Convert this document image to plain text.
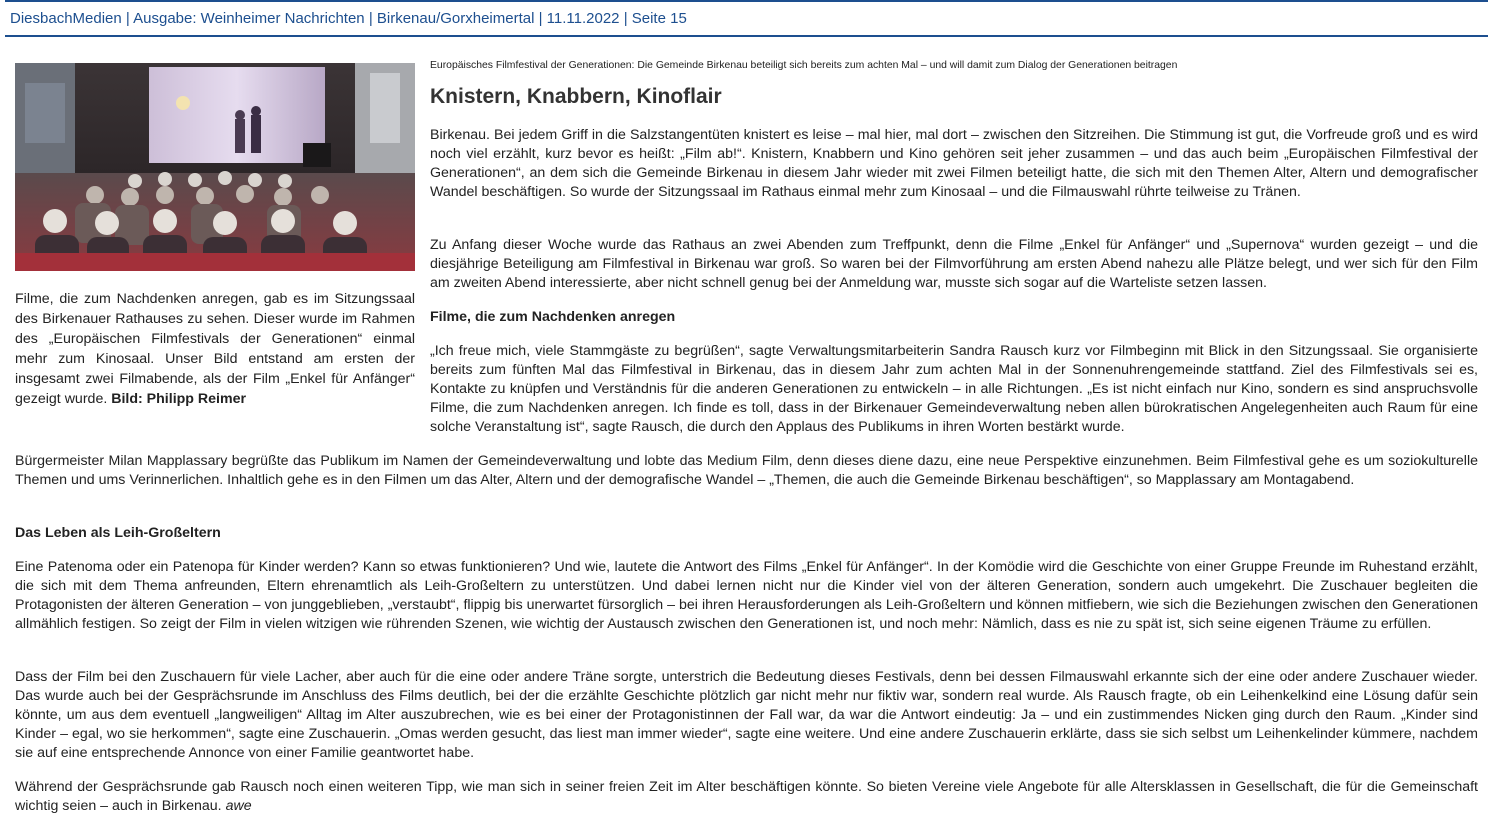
DiesbachMedien | Ausgabe: Weinheimer Nachrichten | Birkenau/Gorxheimertal | 11.11.2022 | Seite 15
Filme, die zum Nachdenken anregen, gab es im Sitzungssaal des Birkenauer Rathauses zu sehen. Dieser wurde im Rahmen des „Europäischen Filmfestivals der Generationen“ einmal mehr zum Kinosaal. Unser Bild entstand am ersten der insgesamt zwei Filmabende, als der Film „Enkel für Anfänger“ gezeigt wurde. Bild: Philipp Reimer
Europäisches Filmfestival der Generationen: Die Gemeinde Birkenau beteiligt sich bereits zum achten Mal – und will damit zum Dialog der Generationen beitragen
Knistern, Knabbern, Kinoflair

Birkenau. Bei jedem Griff in die Salzstangentüten knistert es leise – mal hier, mal dort – zwischen den Sitzreihen. Die Stimmung ist gut, die Vorfreude groß und es wird noch viel erzählt, kurz bevor es heißt: „Film ab!“. Knistern, Knabbern und Kino gehören seit jeher zusammen – und das auch beim „Europäischen Filmfestival der Generationen“, an dem sich die Gemeinde Birkenau in diesem Jahr wieder mit zwei Filmen beteiligt hatte, die sich mit den Themen Alter, Altern und demografischer Wandel beschäftigen. So wurde der Sitzungssaal im Rathaus einmal mehr zum Kinosaal – und die Filmauswahl rührte teilweise zu Tränen.

Zu Anfang dieser Woche wurde das Rathaus an zwei Abenden zum Treffpunkt, denn die Filme „Enkel für Anfänger“ und „Supernova“ wurden gezeigt – und die diesjährige Beteiligung am Filmfestival in Birkenau war groß. So waren bei der Filmvorführung am ersten Abend nahezu alle Plätze belegt, und wer sich für den Film am zweiten Abend interessierte, aber nicht schnell genug bei der Anmeldung war, musste sich sogar auf die Warteliste setzen lassen.

Filme, die zum Nachdenken anregen

„Ich freue mich, viele Stammgäste zu begrüßen“, sagte Verwaltungsmitarbeiterin Sandra Rausch kurz vor Filmbeginn mit Blick in den Sitzungssaal. Sie organisierte bereits zum fünften Mal das Filmfestival in Birkenau, das in diesem Jahr zum achten Mal in der Sonnenuhrengemeinde stattfand. Ziel des Filmfestivals sei es, Kontakte zu knüpfen und Verständnis für die anderen Generationen zu entwickeln – in alle Richtungen. „Es ist nicht einfach nur Kino, sondern es sind anspruchsvolle Filme, die zum Nachdenken anregen. Ich finde es toll, dass in der Birkenauer Gemeindeverwaltung neben allen bürokratischen Angelegenheiten auch Raum für eine solche Veranstaltung ist“, sagte Rausch, die durch den Applaus des Publikums in ihren Worten bestärkt wurde.

Bürgermeister Milan Mapplassary begrüßte das Publikum im Namen der Gemeindeverwaltung und lobte das Medium Film, denn dieses diene dazu, eine neue Perspektive einzunehmen. Beim Filmfestival gehe es um soziokulturelle Themen und ums Verinnerlichen. Inhaltlich gehe es in den Filmen um das Alter, Altern und der demografische Wandel – „Themen, die auch die Gemeinde Birkenau beschäftigen“, so Mapplassary am Montagabend.

Das Leben als Leih-Großeltern

Eine Patenoma oder ein Patenopa für Kinder werden? Kann so etwas funktionieren? Und wie, lautete die Antwort des Films „Enkel für Anfänger“. In der Komödie wird die Geschichte von einer Gruppe Freunde im Ruhestand erzählt, die sich mit dem Thema anfreunden, Eltern ehrenamtlich als Leih-Großeltern zu unterstützen. Und dabei lernen nicht nur die Kinder viel von der älteren Generation, sondern auch umgekehrt. Die Zuschauer begleiten die Protagonisten der älteren Generation – von junggeblieben, „verstaubt“, flippig bis unerwartet fürsorglich – bei ihren Herausforderungen als Leih-Großeltern und können mitfiebern, wie sich die Beziehungen zwischen den Generationen allmählich festigen. So zeigt der Film in vielen witzigen wie rührenden Szenen, wie wichtig der Austausch zwischen den Generationen ist, und noch mehr: Nämlich, dass es nie zu spät ist, sich seine eigenen Träume zu erfüllen.

Dass der Film bei den Zuschauern für viele Lacher, aber auch für die eine oder andere Träne sorgte, unterstrich die Bedeutung dieses Festivals, denn bei dessen Filmauswahl erkannte sich der eine oder andere Zuschauer wieder. Das wurde auch bei der Gesprächsrunde im Anschluss des Films deutlich, bei der die erzählte Geschichte plötzlich gar nicht mehr nur fiktiv war, sondern real wurde. Als Rausch fragte, ob ein Leihenkelkind eine Lösung dafür sein könnte, um aus dem eventuell „langweiligen“ Alltag im Alter auszubrechen, wie es bei einer der Protagonistinnen der Fall war, da war die Antwort eindeutig: Ja – und ein zustimmendes Nicken ging durch den Raum. „Kinder sind Kinder – egal, wo sie herkommen“, sagte eine Zuschauerin. „Omas werden gesucht, das liest man immer wieder“, sagte eine weitere. Und eine andere Zuschauerin erklärte, dass sie sich selbst um Leihenkelinder kümmere, nachdem sie auf eine entsprechende Annonce von einer Familie geantwortet habe.

Während der Gesprächsrunde gab Rausch noch einen weiteren Tipp, wie man sich in seiner freien Zeit im Alter beschäftigen könnte. So bieten Vereine viele Angebote für alle Altersklassen in Gesellschaft, die für die Gemeinschaft wichtig seien – auch in Birkenau. awe
